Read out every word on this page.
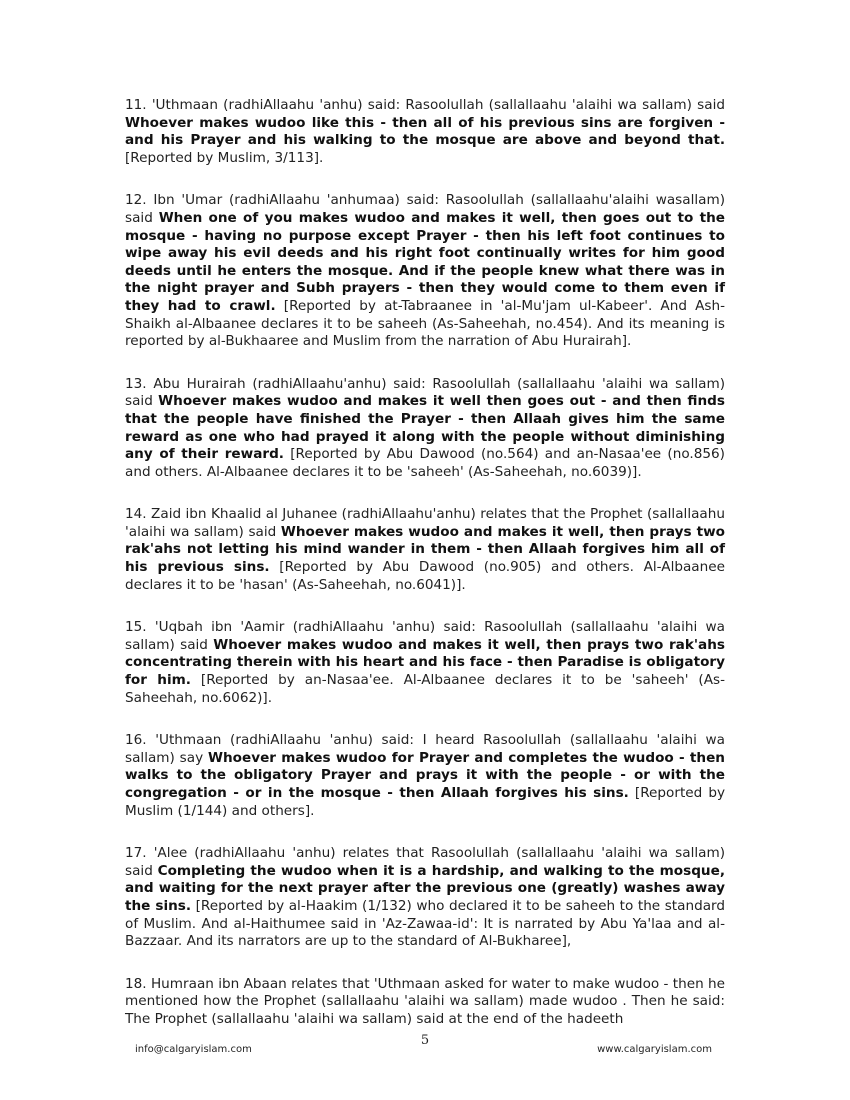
11. 'Uthmaan (radhiAllaahu 'anhu) said: Rasoolullah (sallallaahu 'alaihi wa sallam) said Whoever makes wudoo like this - then all of his previous sins are forgiven - and his Prayer and his walking to the mosque are above and beyond that. [Reported by Muslim, 3/113].

12. Ibn 'Umar (radhiAllaahu 'anhumaa) said: Rasoolullah (sallallaahu'alaihi wasallam) said When one of you makes wudoo and makes it well, then goes out to the mosque - having no purpose except Prayer - then his left foot continues to wipe away his evil deeds and his right foot continually writes for him good deeds until he enters the mosque. And if the people knew what there was in the night prayer and Subh prayers - then they would come to them even if they had to crawl. [Reported by at-Tabraanee in 'al-Mu'jam ul-Kabeer'. And Ash-Shaikh al-Albaanee declares it to be saheeh (As-Saheehah, no.454). And its meaning is reported by al-Bukhaaree and Muslim from the narration of Abu Hurairah].

13. Abu Hurairah (radhiAllaahu'anhu) said: Rasoolullah (sallallaahu 'alaihi wa sallam) said Whoever makes wudoo and makes it well then goes out - and then finds that the people have finished the Prayer - then Allaah gives him the same reward as one who had prayed it along with the people without diminishing any of their reward. [Reported by Abu Dawood (no.564) and an-Nasaa'ee (no.856) and others. Al-Albaanee declares it to be 'saheeh' (As-Saheehah, no.6039)].

14. Zaid ibn Khaalid al Juhanee (radhiAllaahu'anhu) relates that the Prophet (sallallaahu 'alaihi wa sallam) said Whoever makes wudoo and makes it well, then prays two rak'ahs not letting his mind wander in them - then Allaah forgives him all of his previous sins. [Reported by Abu Dawood (no.905) and others. Al-Albaanee declares it to be 'hasan' (As-Saheehah, no.6041)].

15. 'Uqbah ibn 'Aamir (radhiAllaahu 'anhu) said: Rasoolullah (sallallaahu 'alaihi wa sallam) said Whoever makes wudoo and makes it well, then prays two rak'ahs concentrating therein with his heart and his face - then Paradise is obligatory for him. [Reported by an-Nasaa'ee. Al-Albaanee declares it to be 'saheeh' (As-Saheehah, no.6062)].

16. 'Uthmaan (radhiAllaahu 'anhu) said: I heard Rasoolullah (sallallaahu 'alaihi wa sallam) say Whoever makes wudoo for Prayer and completes the wudoo - then walks to the obligatory Prayer and prays it with the people - or with the congregation - or in the mosque - then Allaah forgives his sins. [Reported by Muslim (1/144) and others].

17. 'Alee (radhiAllaahu 'anhu) relates that Rasoolullah (sallallaahu 'alaihi wa sallam) said Completing the wudoo when it is a hardship, and walking to the mosque, and waiting for the next prayer after the previous one (greatly) washes away the sins. [Reported by al-Haakim (1/132) who declared it to be saheeh to the standard of Muslim. And al-Haithumee said in 'Az-Zawaa-id': It is narrated by Abu Ya'laa and al-Bazzaar. And its narrators are up to the standard of Al-Bukharee],

18. Humraan ibn Abaan relates that 'Uthmaan asked for water to make wudoo - then he mentioned how the Prophet (sallallaahu 'alaihi wa sallam) made wudoo . Then he said: The Prophet (sallallaahu 'alaihi wa sallam) said at the end of the hadeeth

5
info@calgaryislam.com	www.calgaryislam.com
